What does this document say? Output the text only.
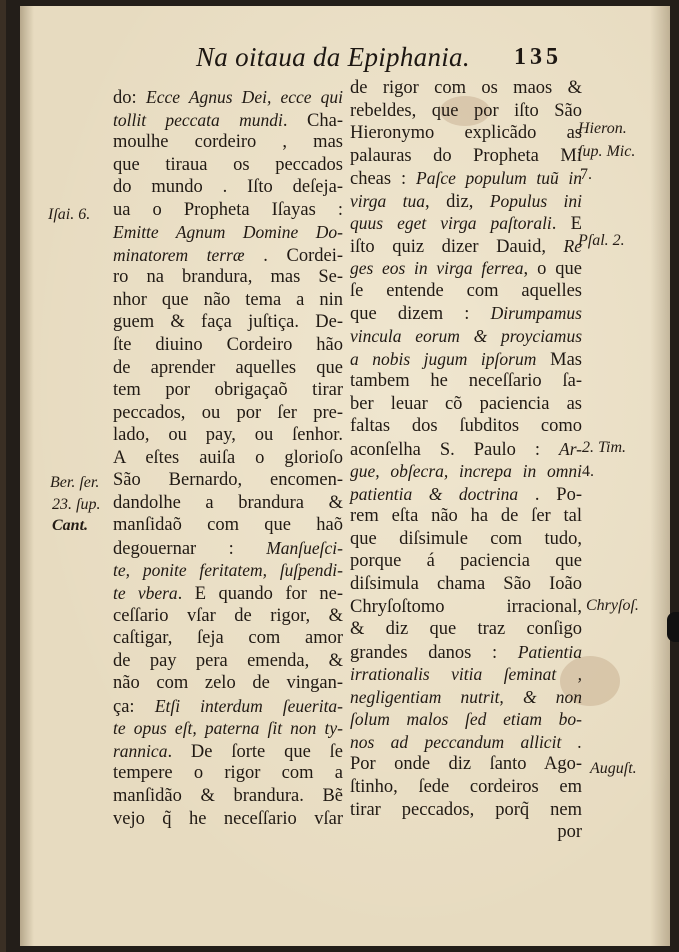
Na oitaua da Epiphania. 135
do: Ecce Agnus Dei, ecce qui
tollit peccata mundi. Cha-
moulhe cordeiro , mas
que tiraua os peccados
do mundo . Iſto deſeja-
ua o Propheta Iſayas :
Emitte Agnum Domine Do-
minatorem terræ . Cordei-
ro na brandura, mas Se-
nhor que não tema a nin
guem & faça juſtiça. De-
ſte diuino Cordeiro hão
de aprender aquelles que
tem por obrigaçaõ tirar
peccados, ou por ſer pre-
lado, ou pay, ou ſenhor.
A eſtes auiſa o glorioſo
São Bernardo, encomen-
dandolhe a brandura &
manſidaõ com que haõ
degouernar : Manſueſci-
te, ponite feritatem, ſuſpendi-
te vbera. E quando for ne-
ceſſario vſar de rigor, &
caſtigar, ſeja com amor
de pay pera emenda, &
não com zelo de vingan-
ça: Etſi interdum ſeuerita-
te opus eſt, paterna ſit non ty-
rannica. De ſorte que ſe
tempere o rigor com a
manſidão & brandura. Bẽ
vejo q̃ he neceſſario vſar
de rigor com os maos &
rebeldes, que por iſto São
Hieronymo explicãdo as
palauras do Propheta Mi
cheas : Paſce populum tuũ in
virga tua, diz, Populus ini
quus eget virga paſtorali. E
iſto quiz dizer Dauid, Re
ges eos in virga ferrea, o que
ſe entende com aquelles
que dizem : Dirumpamus
vincula eorum & proyciamus
a nobis jugum ipſorum Mas
tambem he neceſſario ſa-
ber leuar cõ paciencia as
faltas dos ſubditos como
aconſelha S. Paulo : Ar-
gue, obſecra, increpa in omni
patientia & doctrina . Po-
rem eſta não ha de ſer tal
que diſsimule com tudo,
porque á paciencia que
diſsimula chama São Ioão
Chryſoſtomo irracional,
& diz que traz conſigo
grandes danos : Patientia
irrationalis vitia ſeminat ,
negligentiam nutrit, & non
ſolum malos ſed etiam bo-
nos ad peccandum allicit .
Por onde diz ſanto Ago-
ſtinho, ſede cordeiros em
tirar peccados, porq̃ nem
por
Iſai. 6.
Ber. ſer.
23. ſup.
Cant.
Hieron.
ſup. Mic.
7.
Pſal. 2.
2. Tim.
4.
Chryſoſ.
Auguſt.
